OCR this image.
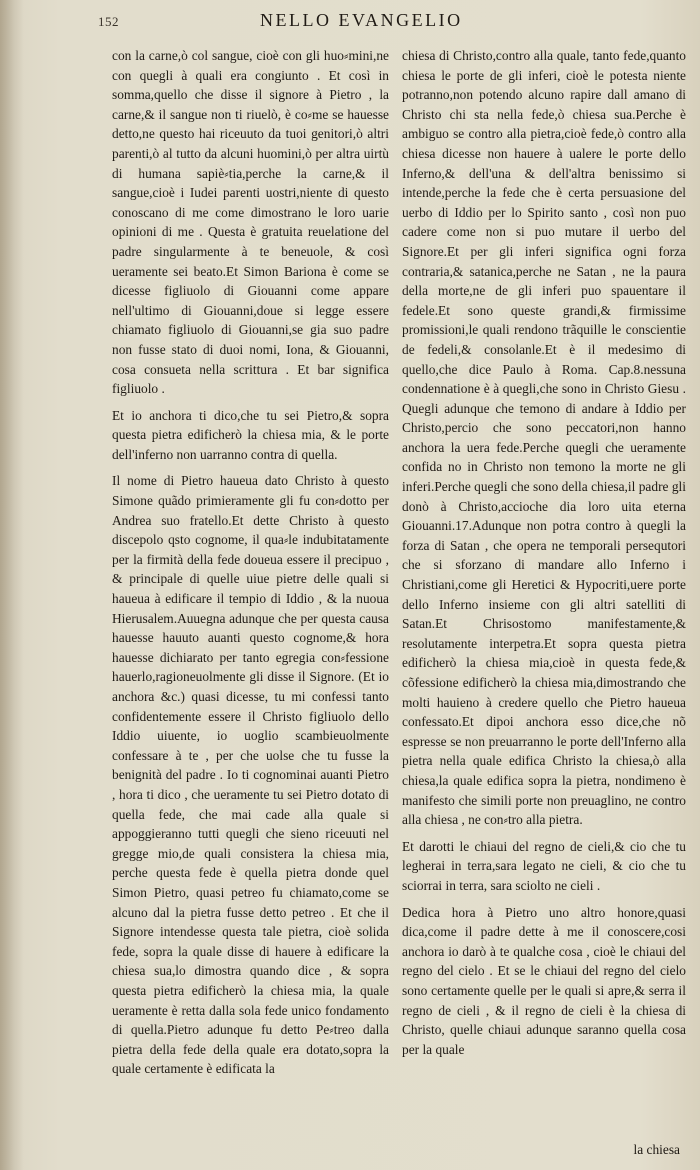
152	NELLO EVANGELIO

con la carne,ò col sangue, cioè con gli huo⸗mini,ne con quegli à quali era congiunto . Et così in somma,quello che disse il signore à Pietro , la carne,& il sangue non ti riuelò, è co⸗me se hauesse detto,ne questo hai riceuuto da tuoi genitori,ò altri parenti,ò al tutto da alcuni huomini,ò per altra uirtù di humana sapiè⸗tia,perche la carne,& il sangue,cioè i Iudei parenti uostri,niente di questo conoscano di me come dimostrano le loro uarie opinioni di me . Questa è gratuita reuelatione del padre singularmente à te beneuole, & così ueramente sei beato.Et Simon Bariona è come se dicesse figliuolo di Giouanni come appare nell'ultimo di Giouanni,doue si legge essere chiamato figliuolo di Giouanni,se gia suo padre non fusse stato di duoi nomi, Iona, & Giouanni, cosa consueta nella scrittura . Et bar significa figliuolo .

Et io anchora ti dico,che tu sei Pietro,& sopra questa pietra edificherò la chiesa mia, & le porte dell'inferno non uarranno contra di quella.

Il nome di Pietro haueua dato Christo à questo Simone quãdo primieramente gli fu con⸗dotto per Andrea suo fratello.Et dette Christo à questo discepolo qsto cognome, il qua⸗le indubitatamente per la firmità della fede doueua essere il precipuo , & principale di quelle uiue pietre delle quali si haueua à edificare il tempio di Iddio , & la nuoua Hierusalem.Auuegna adunque che per questa causa hauesse hauuto auanti questo cognome,& hora hauesse dichiarato per tanto egregia con⸗fessione hauerlo,ragioneuolmente gli disse il Signore. (Et io anchora &c.) quasi dicesse, tu mi confessi tanto confidentemente essere il Christo figliuolo dello Iddio uiuente, io uoglio scambieuolmente confessare à te , per che uolse che tu fusse la benignità del padre . Io ti cognominai auanti Pietro , hora ti dico , che ueramente tu sei Pietro dotato di quella fede, che mai cade alla quale si appoggieranno tutti quegli che sieno riceuuti nel gregge mio,de quali consistera la chiesa mia, perche questa fede è quella pietra donde quel Simon Pietro, quasi petreo fu chiamato,come se alcuno dal la pietra fusse detto petreo . Et che il Signore intendesse questa tale pietra, cioè solida fede, sopra la quale disse di hauere à edificare la chiesa sua,lo dimostra quando dice , & sopra questa pietra edificherò la chiesa mia, la quale ueramente è retta dalla sola fede unico fondamento di quella.Pietro adunque fu detto Pe⸗treo dalla pietra della fede della quale era dotato,sopra la quale certamente è edificata la

chiesa di Christo,contro alla quale, tanto fede,quanto chiesa le porte de gli inferi, cioè le potesta niente potranno,non potendo alcuno rapire dall amano di Christo chi sta nella fede,ò chiesa sua.Perche è ambiguo se contro alla pietra,cioè fede,ò contro alla chiesa dicesse non hauere à ualere le porte dello Inferno,& dell'una & dell'altra benissimo si intende,perche la fede che è certa persuasione del uerbo di Iddio per lo Spirito santo , così non puo cadere come non si puo mutare il uerbo del Signore.Et per gli inferi significa ogni forza contraria,& satanica,perche ne Satan , ne la paura della morte,ne de gli inferi puo spauentare il fedele.Et sono queste grandi,& firmissime promissioni,le quali rendono trãquille le conscientie de fedeli,& consolanle.Et è il medesimo di quello,che dice Paulo à Roma. Cap.8.nessuna condennatione è à quegli,che sono in Christo Giesu . Quegli adunque che temono di andare à Iddio per Christo,percio che sono peccatori,non hanno anchora la uera fede.Perche quegli che ueramente confida no in Christo non temono la morte ne gli inferi.Perche quegli che sono della chiesa,il padre gli donò à Christo,accioche dia loro uita eterna Giouanni.17.Adunque non potra contro à quegli la forza di Satan , che opera ne temporali persequtori che si sforzano di mandare allo Inferno i Christiani,come gli Heretici & Hypocriti,uere porte dello Inferno insieme con gli altri satelliti di Satan.Et Chrisostomo manifestamente,& resolutamente interpetra.Et sopra questa pietra edificherò la chiesa mia,cioè in questa fede,& cõfessione edificherò la chiesa mia,dimostrando che molti hauieno à credere quello che Pietro haueua confessato.Et dipoi anchora esso dice,che nõ espresse se non preuarranno le porte dell'Inferno alla pietra nella quale edifica Christo la chiesa,ò alla chiesa,la quale edifica sopra la pietra, nondimeno è manifesto che simili porte non preuaglino, ne contro alla chiesa , ne con⸗tro alla pietra.

Et darotti le chiaui del regno de cieli,& cio che tu legherai in terra,sara legato ne cieli, & cio che tu sciorrai in terra, sara sciolto ne cieli .

Dedica hora à Pietro uno altro honore,quasi dica,come il padre dette à me il conoscere,cosi anchora io darò à te qualche cosa , cioè le chiaui del regno del cielo . Et se le chiaui del regno del cielo sono certamente quelle per le quali si apre,& serra il regno de cieli , & il regno de cieli è la chiesa di Christo, quelle chiaui adunque saranno quella cosa per la quale

la chiesa
